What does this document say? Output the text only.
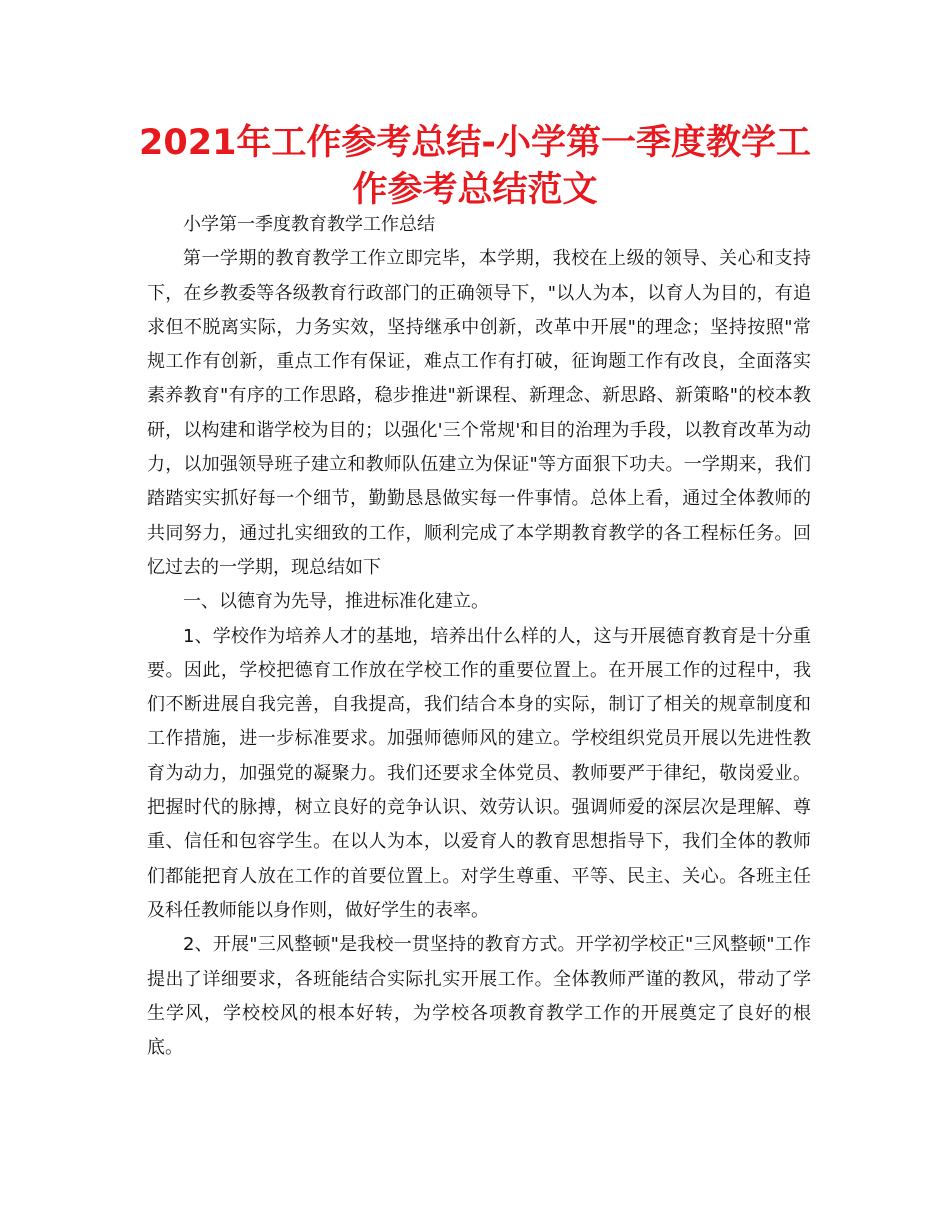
2021年工作参考总结-小学第一季度教学工作参考总结范文

小学第一季度教育教学工作总结

第一学期的教育教学工作立即完毕，本学期，我校在上级的领导、关心和支持下，在乡教委等各级教育行政部门的正确领导下，"以人为本，以育人为目的，有追求但不脱离实际，力务实效，坚持继承中创新，改革中开展"的理念；坚持按照"常规工作有创新，重点工作有保证，难点工作有打破，征询题工作有改良，全面落实素养教育"有序的工作思路，稳步推进"新课程、新理念、新思路、新策略"的校本教研，以构建和谐学校为目的；以强化'三个常规'和目的治理为手段，以教育改革为动力，以加强领导班子建立和教师队伍建立为保证"等方面狠下功夫。一学期来，我们踏踏实实抓好每一个细节，勤勤恳恳做实每一件事情。总体上看，通过全体教师的共同努力，通过扎实细致的工作，顺利完成了本学期教育教学的各工程标任务。回忆过去的一学期，现总结如下

一、以德育为先导，推进标准化建立。

1、学校作为培养人才的基地，培养出什么样的人，这与开展德育教育是十分重要。因此，学校把德育工作放在学校工作的重要位置上。在开展工作的过程中，我们不断进展自我完善，自我提高，我们结合本身的实际，制订了相关的规章制度和工作措施，进一步标准要求。加强师德师风的建立。学校组织党员开展以先进性教育为动力，加强党的凝聚力。我们还要求全体党员、教师要严于律纪，敬岗爱业。把握时代的脉搏，树立良好的竞争认识、效劳认识。强调师爱的深层次是理解、尊重、信任和包容学生。在以人为本，以爱育人的教育思想指导下，我们全体的教师们都能把育人放在工作的首要位置上。对学生尊重、平等、民主、关心。各班主任及科任教师能以身作则，做好学生的表率。

2、开展"三风整顿"是我校一贯坚持的教育方式。开学初学校正"三风整顿"工作提出了详细要求，各班能结合实际扎实开展工作。全体教师严谨的教风，带动了学生学风，学校校风的根本好转，为学校各项教育教学工作的开展奠定了良好的根底。
